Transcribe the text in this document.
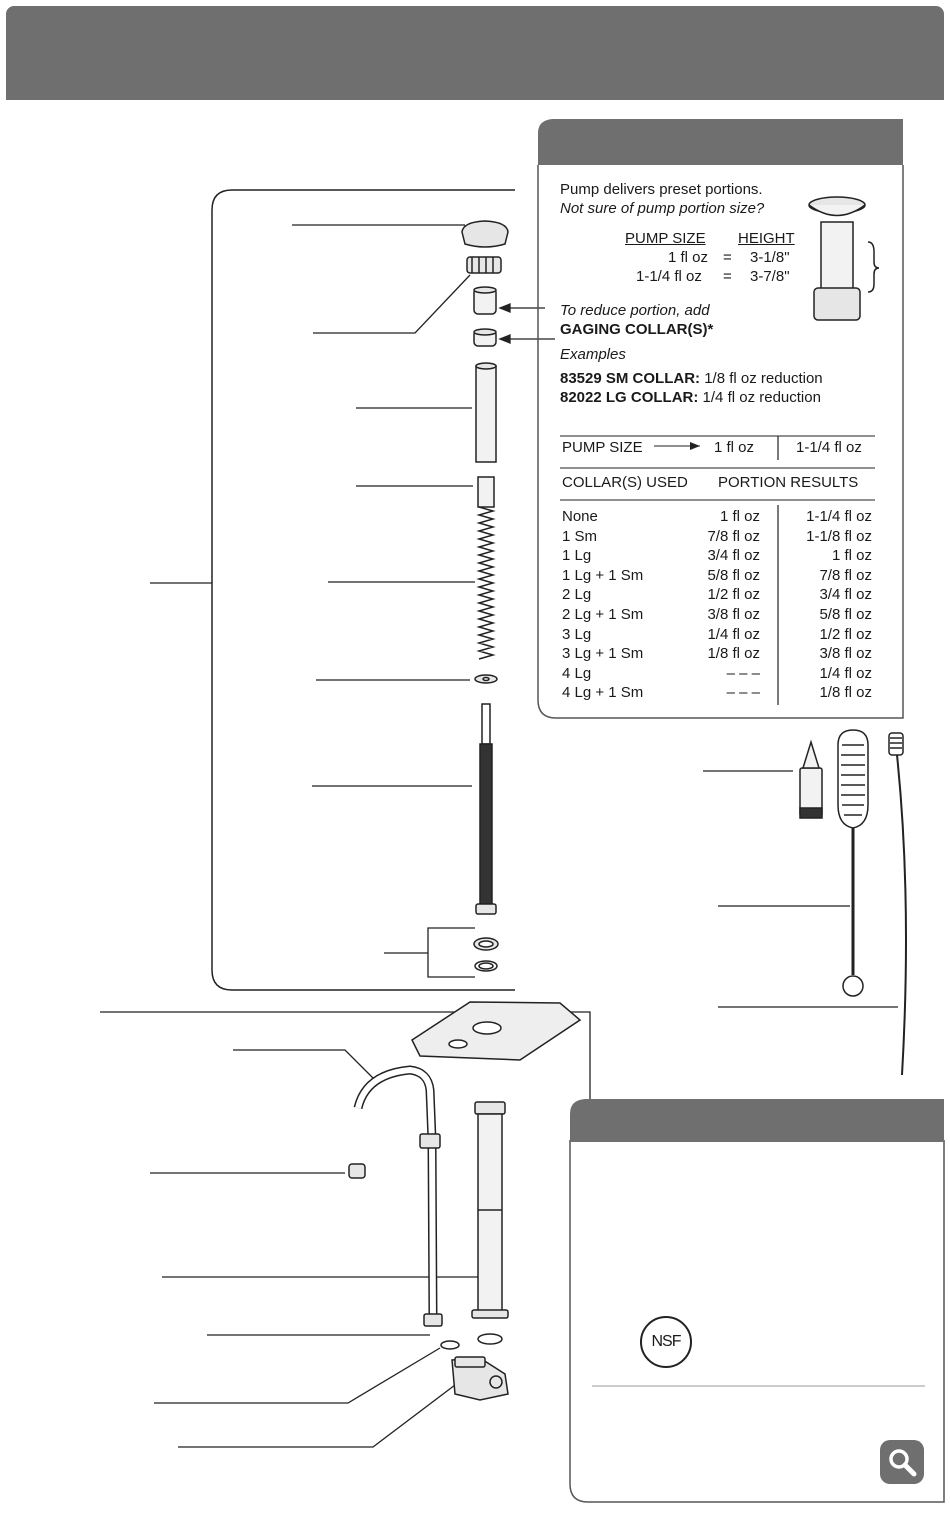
Pump delivers preset portions.
Not sure of pump portion size?
PUMP SIZE HEIGHT
1 fl oz = 3-1/8"
1-1/4 fl oz = 3-7/8"
To reduce portion, add
GAGING COLLAR(S)*
Examples
83529 SM COLLAR: 1/8 fl oz reduction
82022 LG COLLAR: 1/4 fl oz reduction
PUMP SIZE	1 fl oz	1-1/4 fl oz
COLLAR(S) USED PORTION RESULTS
None	1 fl oz	1-1/4 fl oz
1 Sm	7/8 fl oz	1-1/8 fl oz
1 Lg	3/4 fl oz	1 fl oz
1 Lg + 1 Sm	5/8 fl oz	7/8 fl oz
2 Lg	1/2 fl oz	3/4 fl oz
2 Lg + 1 Sm	3/8 fl oz	5/8 fl oz
3 Lg	1/4 fl oz	1/2 fl oz
3 Lg + 1 Sm	1/8 fl oz	3/8 fl oz
4 Lg	– – –	1/4 fl oz
4 Lg + 1 Sm	– – –	1/8 fl oz
NSF
